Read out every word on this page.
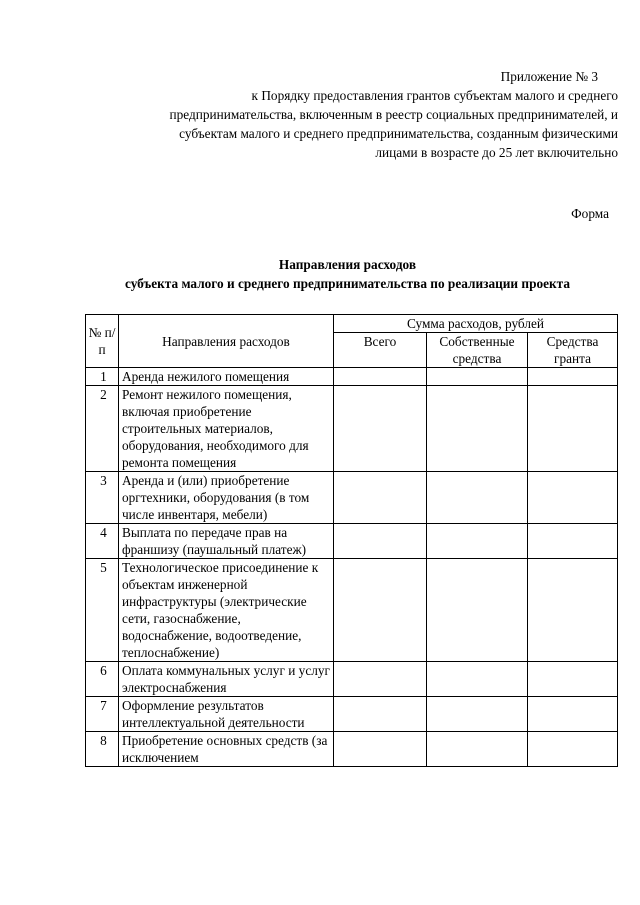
Приложение № 3
к Порядку предоставления грантов субъектам малого и среднего
предпринимательства, включенным в реестр социальных предпринимателей, и
субъектам малого и среднего предпринимательства, созданным физическими
лицами в возрасте до 25 лет включительно
Форма
Направления расходов
субъекта малого и среднего предпринимательства по реализации проекта
№ п/п	Направления расходов	Сумма расходов, рублей		
		Всего	Собственные средства	Средства гранта
1	Аренда нежилого помещения			
2	Ремонт нежилого помещения, включая приобретение строительных материалов, оборудования, необходимого для ремонта помещения			
3	Аренда и (или) приобретение оргтехники, оборудования (в том числе инвентаря, мебели)			
4	Выплата по передаче прав на франшизу (паушальный платеж)			
5	Технологическое присоединение к объектам инженерной инфраструктуры (электрические сети, газоснабжение, водоснабжение, водоотведение, теплоснабжение)			
6	Оплата коммунальных услуг и услуг электроснабжения			
7	Оформление результатов интеллектуальной деятельности			
8	Приобретение основных средств (за исключением			
